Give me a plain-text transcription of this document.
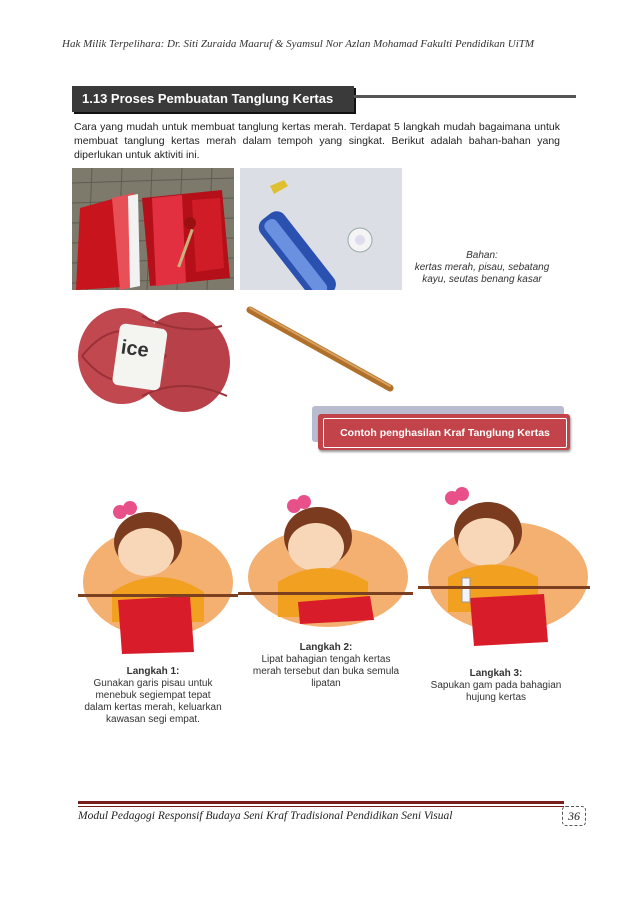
Hak Milik Terpelihara: Dr. Siti Zuraida Maaruf & Syamsul Nor Azlan Mohamad Fakulti Pendidikan UiTM
1.13 Proses Pembuatan Tanglung Kertas
Cara yang mudah untuk membuat tanglung kertas merah. Terdapat 5 langkah mudah bagaimana untuk membuat tanglung kertas merah dalam tempoh yang singkat. Berikut adalah bahan-bahan yang diperlukan untuk aktiviti ini.
ice
Bahan:
kertas merah, pisau, sebatang kayu, seutas benang kasar
Contoh penghasilan Kraf Tanglung Kertas
Langkah 1:
Gunakan garis pisau untuk menebuk segiempat tepat dalam kertas merah, keluarkan kawasan segi empat.
Langkah 2:
Lipat bahagian tengah kertas merah tersebut dan buka semula lipatan
Langkah 3:
Sapukan gam pada bahagian hujung kertas
Modul Pedagogi Responsif Budaya Seni Kraf Tradisional Pendidikan Seni Visual	36
